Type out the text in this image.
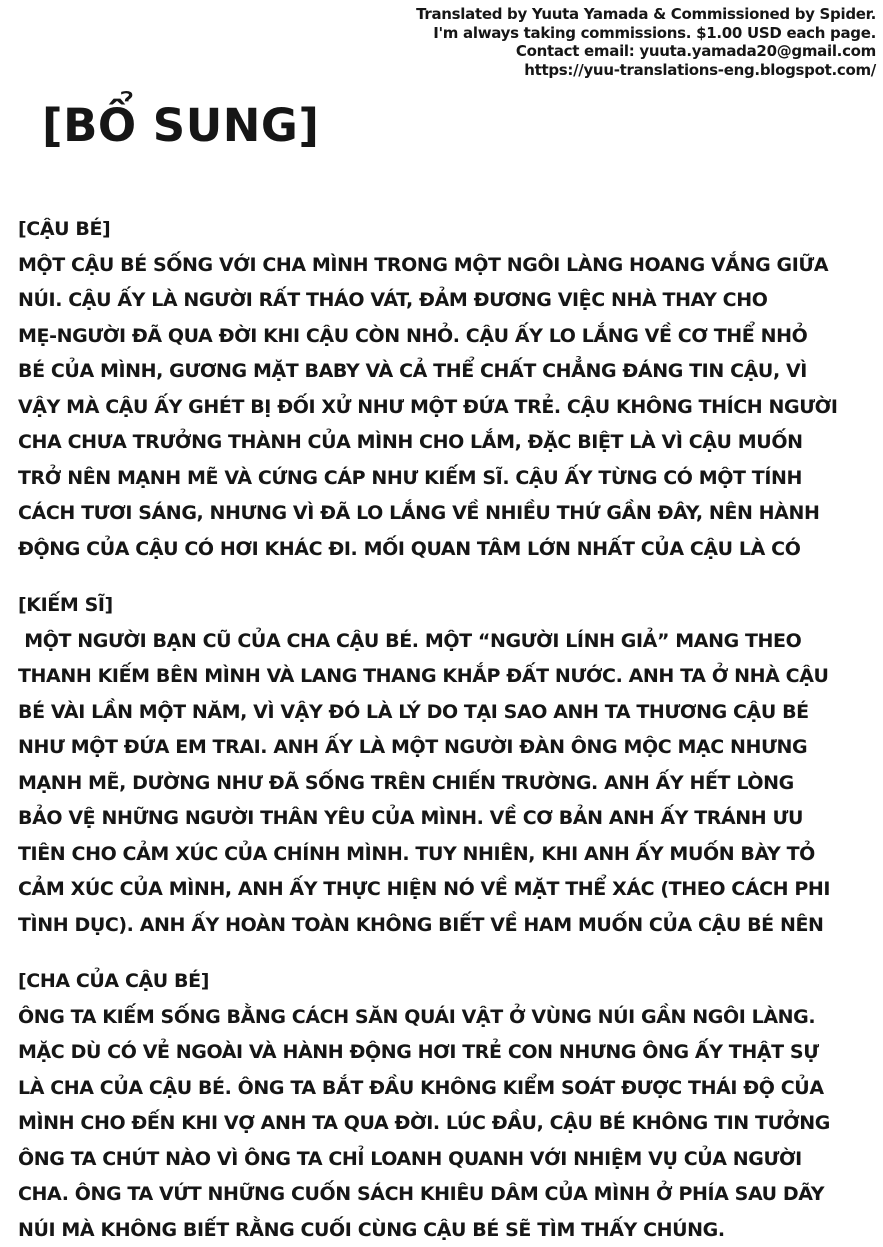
Translated by Yuuta Yamada & Commissioned by Spider.
I'm always taking commissions. $1.00 USD each page.
Contact email: yuuta.yamada20@gmail.com
https://yuu-translations-eng.blogspot.com/
[BỔ SUNG]
[CẬU BÉ]
MỘT CẬU BÉ SỐNG VỚI CHA MÌNH TRONG MỘT NGÔI LÀNG HOANG VẮNG GIỮA
NÚI. CẬU ẤY LÀ NGƯỜI RẤT THÁO VÁT, ĐẢM ĐƯƠNG VIỆC NHÀ THAY CHO
MẸ-NGƯỜI ĐÃ QUA ĐỜI KHI CẬU CÒN NHỎ. CẬU ẤY LO LẮNG VỀ CƠ THỂ NHỎ
BÉ CỦA MÌNH, GƯƠNG MẶT BABY VÀ CẢ THỂ CHẤT CHẲNG ĐÁNG TIN CẬU, VÌ
VẬY MÀ CẬU ẤY GHÉT BỊ ĐỐI XỬ NHƯ MỘT ĐỨA TRẺ. CẬU KHÔNG THÍCH NGƯỜI
CHA CHƯA TRƯỞNG THÀNH CỦA MÌNH CHO LẮM, ĐẶC BIỆT LÀ VÌ CẬU MUỐN
TRỞ NÊN MẠNH MẼ VÀ CỨNG CÁP NHƯ KIẾM SĨ. CẬU ẤY TỪNG CÓ MỘT TÍNH
CÁCH TƯƠI SÁNG, NHƯNG VÌ ĐÃ LO LẮNG VỀ NHIỀU THỨ GẦN ĐÂY, NÊN HÀNH
ĐỘNG CỦA CẬU CÓ HƠI KHÁC ĐI. MỐI QUAN TÂM LỚN NHẤT CỦA CẬU LÀ CÓ
[KIẾM SĨ]
MỘT NGƯỜI BẠN CŨ CỦA CHA CẬU BÉ. MỘT “NGƯỜI LÍNH GIẢ” MANG THEO
THANH KIẾM BÊN MÌNH VÀ LANG THANG KHẮP ĐẤT NƯỚC. ANH TA Ở NHÀ CẬU
BÉ VÀI LẦN MỘT NĂM, VÌ VẬY ĐÓ LÀ LÝ DO TẠI SAO ANH TA THƯƠNG CẬU BÉ
NHƯ MỘT ĐỨA EM TRAI. ANH ẤY LÀ MỘT NGƯỜI ĐÀN ÔNG MỘC MẠC NHƯNG
MẠNH MẼ, DƯỜNG NHƯ ĐÃ SỐNG TRÊN CHIẾN TRƯỜNG. ANH ẤY HẾT LÒNG
BẢO VỆ NHỮNG NGƯỜI THÂN YÊU CỦA MÌNH. VỀ CƠ BẢN ANH ẤY TRÁNH ƯU
TIÊN CHO CẢM XÚC CỦA CHÍNH MÌNH. TUY NHIÊN, KHI ANH ẤY MUỐN BÀY TỎ
CẢM XÚC CỦA MÌNH, ANH ẤY THỰC HIỆN NÓ VỀ MẶT THỂ XÁC (THEO CÁCH PHI
TÌNH DỤC). ANH ẤY HOÀN TOÀN KHÔNG BIẾT VỀ HAM MUỐN CỦA CẬU BÉ NÊN
[CHA CỦA CẬU BÉ]
ÔNG TA KIẾM SỐNG BẰNG CÁCH SĂN QUÁI VẬT Ở VÙNG NÚI GẦN NGÔI LÀNG.
MẶC DÙ CÓ VẺ NGOÀI VÀ HÀNH ĐỘNG HƠI TRẺ CON NHƯNG ÔNG ẤY THẬT SỰ
LÀ CHA CỦA CẬU BÉ. ÔNG TA BẮT ĐẦU KHÔNG KIỂM SOÁT ĐƯỢC THÁI ĐỘ CỦA
MÌNH CHO ĐẾN KHI VỢ ANH TA QUA ĐỜI. LÚC ĐẦU, CẬU BÉ KHÔNG TIN TƯỞNG
ÔNG TA CHÚT NÀO VÌ ÔNG TA CHỈ LOANH QUANH VỚI NHIỆM VỤ CỦA NGƯỜI
CHA. ÔNG TA VỨT NHỮNG CUỐN SÁCH KHIÊU DÂM CỦA MÌNH Ở PHÍA SAU DÃY
NÚI MÀ KHÔNG BIẾT RẰNG CUỐI CÙNG CẬU BÉ SẼ TÌM THẤY CHÚNG.
